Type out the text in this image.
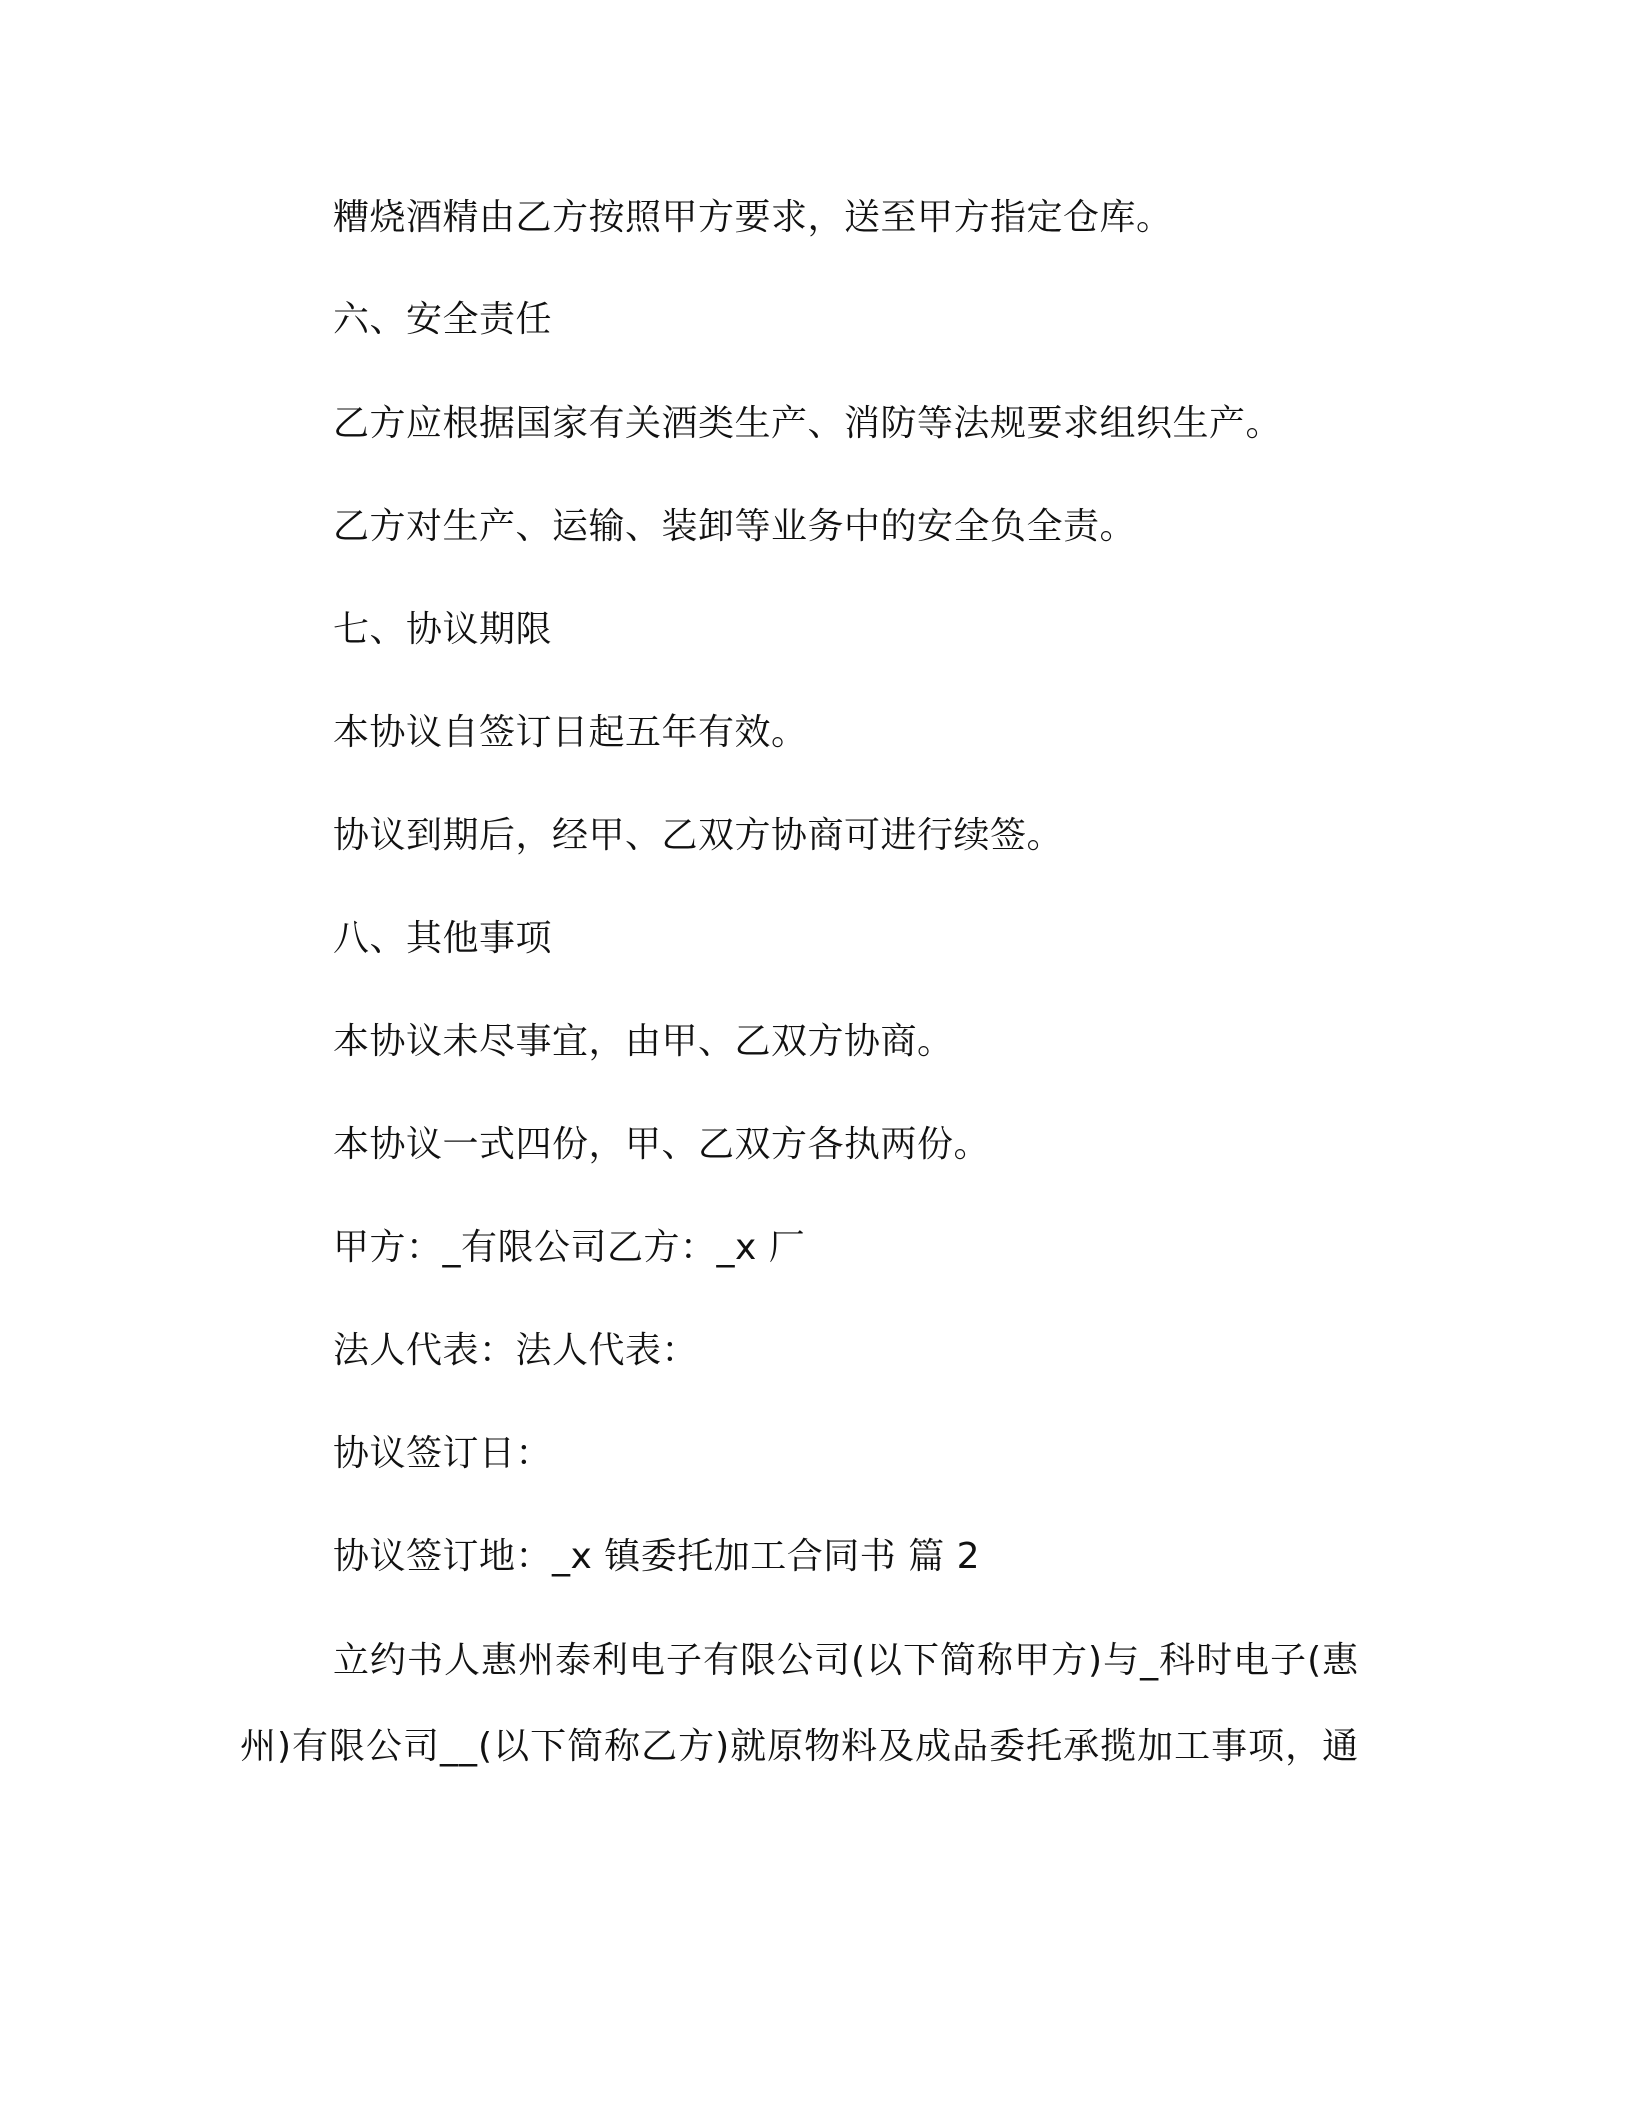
糟烧酒精由乙方按照甲方要求，送至甲方指定仓库。
六、安全责任
乙方应根据国家有关酒类生产、消防等法规要求组织生产。
乙方对生产、运输、装卸等业务中的安全负全责。
七、协议期限
本协议自签订日起五年有效。
协议到期后，经甲、乙双方协商可进行续签。
八、其他事项
本协议未尽事宜，由甲、乙双方协商。
本协议一式四份，甲、乙双方各执两份。
甲方：_有限公司乙方：_x 厂
法人代表：法人代表：
协议签订日：
协议签订地：_x 镇委托加工合同书 篇 2
立约书人惠州泰利电子有限公司(以下简称甲方)与_科时电子(惠
州)有限公司__(以下简称乙方)就原物料及成品委托承揽加工事项，通
